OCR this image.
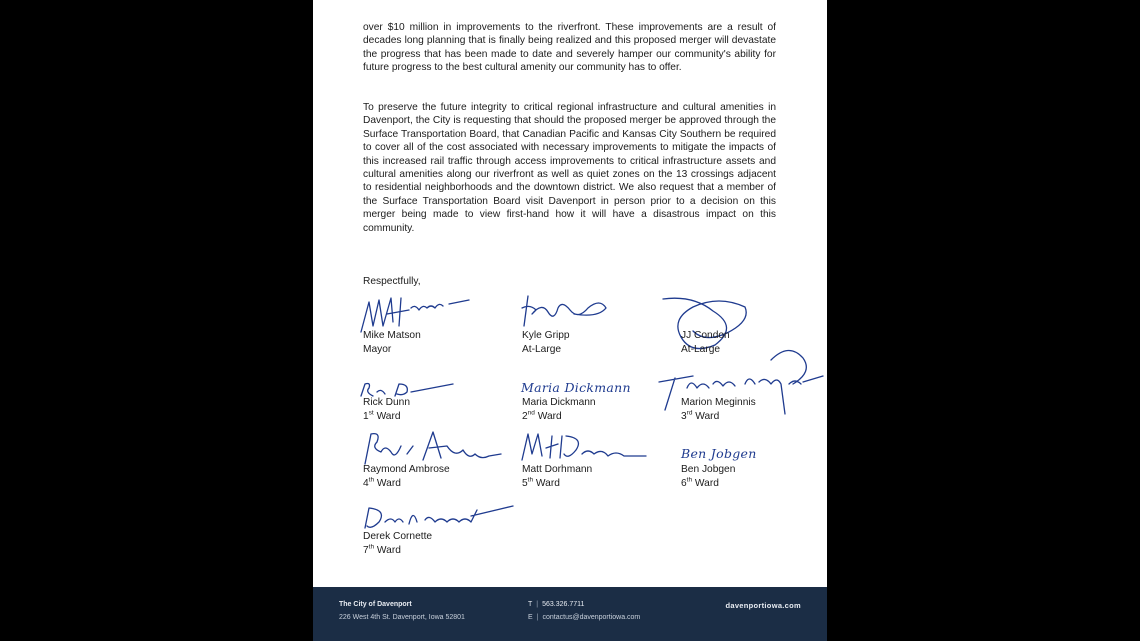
over $10 million in improvements to the riverfront. These improvements are a result of decades long planning that is finally being realized and this proposed merger will devastate the progress that has been made to date and severely hamper our community's ability for future progress to the best cultural amenity our community has to offer.

To preserve the future integrity to critical regional infrastructure and cultural amenities in Davenport, the City is requesting that should the proposed merger be approved through the Surface Transportation Board, that Canadian Pacific and Kansas City Southern be required to cover all of the cost associated with necessary improvements to mitigate the impacts of this increased rail traffic through access improvements to critical infrastructure assets and cultural amenities along our riverfront as well as quiet zones on the 13 crossings adjacent to residential neighborhoods and the downtown district. We also request that a member of the Surface Transportation Board visit Davenport in person prior to a decision on this merger being made to view first-hand how it will have a disastrous impact on this community.

Respectfully,
Maria Dickmann
Ben Jobgen
Mike Matson
Mayor
Kyle Gripp
At-Large
JJ Condon
At-Large
Rick Dunn
1st Ward
Maria Dickmann
2nd Ward
Marion Meginnis
3rd Ward
Raymond Ambrose
4th Ward
Matt Dorhmann
5th Ward
Ben Jobgen
6th Ward
Derek Cornette
7th Ward
The City of Davenport
226 West 4th St. Davenport, Iowa 52801
T | 563.326.7711
E | contactus@davenportiowa.com
davenportiowa.com
